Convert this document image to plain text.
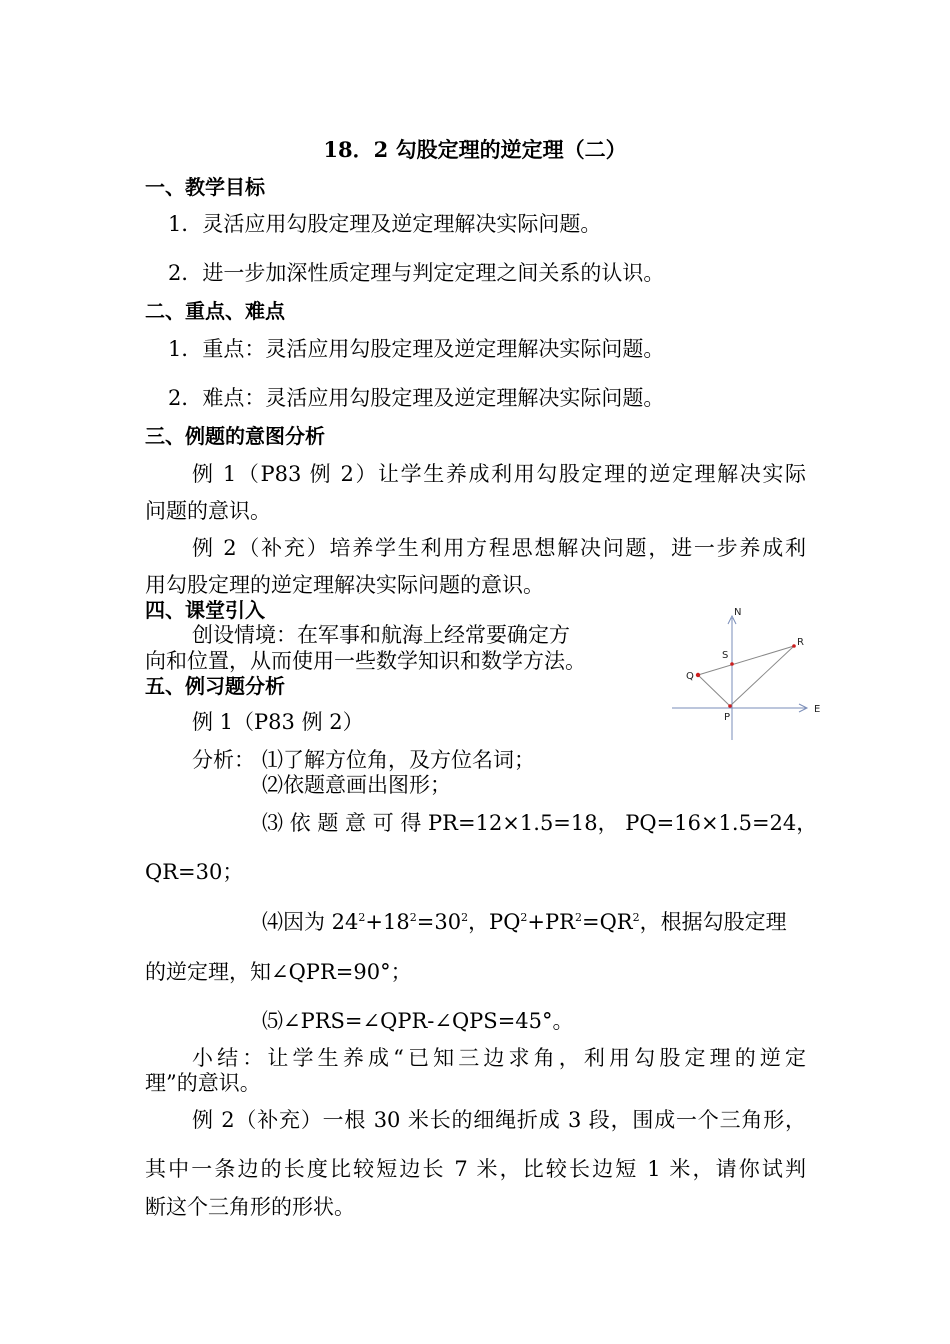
18．2 勾股定理的逆定理（二）
一、教学目标
1．灵活应用勾股定理及逆定理解决实际问题。
2．进一步加深性质定理与判定定理之间关系的认识。
二、重点、难点
1．重点：灵活应用勾股定理及逆定理解决实际问题。
2．难点：灵活应用勾股定理及逆定理解决实际问题。
三、例题的意图分析
例 1（P83 例 2）让学生养成利用勾股定理的逆定理解决实际
问题的意识。
例 2（补充）培养学生利用方程思想解决问题，进一步养成利
用勾股定理的逆定理解决实际问题的意识。
四、课堂引入
创设情境：在军事和航海上经常要确定方
向和位置，从而使用一些数学知识和数学方法。
N
E
P
Q
R
S
五、例习题分析
例 1（P83 例 2）
分析： ⑴了解方位角，及方位名词；
⑵依题意画出图形；
⑶ 依 题 意 可 得 PR=12×1.5=18， PQ=16×1.5=24，
QR=30；
⑷因为 $24^2+18^2=30^2$，$PQ^2+PR^2=QR^2$，根据勾股定理
的逆定理，知∠QPR=90°；
⑸∠PRS=∠QPR-∠QPS=45°。
小结：让学生养成“已知三边求角，利用勾股定理的逆定
理”的意识。
例 2（补充）一根 30 米长的细绳折成 3 段，围成一个三角形，
其中一条边的长度比较短边长 7 米，比较长边短 1 米，请你试判
断这个三角形的形状。
